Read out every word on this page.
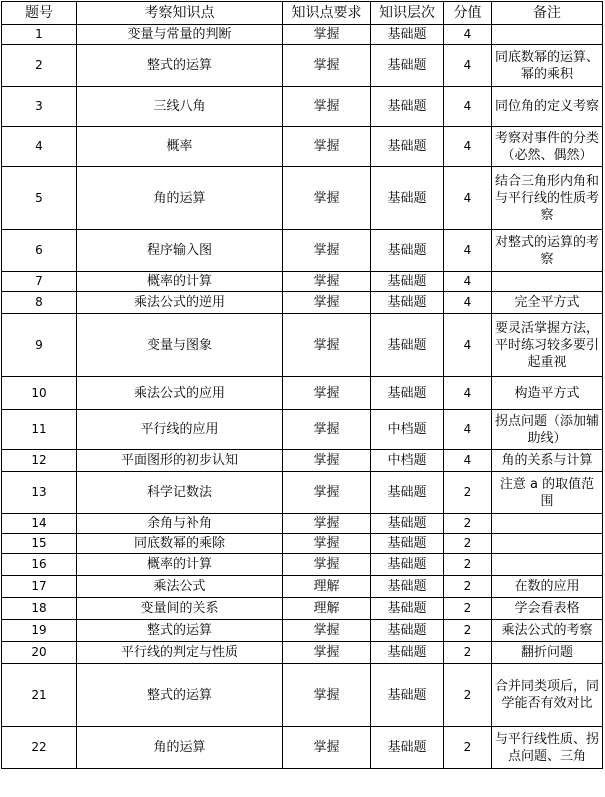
题号	考察知识点	知识点要求	知识层次	分值	备注
1	变量与常量的判断	掌握	基础题	4	
2	整式的运算	掌握	基础题	4	同底数幂的运算、幂的乘积
3	三线八角	掌握	基础题	4	同位角的定义考察
4	概率	掌握	基础题	4	考察对事件的分类（必然、偶然）
5	角的运算	掌握	基础题	4	结合三角形内角和与平行线的性质考察
6	程序输入图	掌握	基础题	4	对整式的运算的考察
7	概率的计算	掌握	基础题	4	
8	乘法公式的逆用	掌握	基础题	4	完全平方式
9	变量与图象	掌握	基础题	4	要灵活掌握方法，平时练习较多要引起重视
10	乘法公式的应用	掌握	基础题	4	构造平方式
11	平行线的应用	掌握	中档题	4	拐点问题（添加辅助线）
12	平面图形的初步认知	掌握	中档题	4	角的关系与计算
13	科学记数法	掌握	基础题	2	注意 a 的取值范围
14	余角与补角	掌握	基础题	2	
15	同底数幂的乘除	掌握	基础题	2	
16	概率的计算	掌握	基础题	2	
17	乘法公式	理解	基础题	2	在数的应用
18	变量间的关系	理解	基础题	2	学会看表格
19	整式的运算	掌握	基础题	2	乘法公式的考察
20	平行线的判定与性质	掌握	基础题	2	翻折问题
21	整式的运算	掌握	基础题	2	合并同类项后，同学能否有效对比
22	角的运算	掌握	基础题	2	与平行线性质、拐点问题、三角
